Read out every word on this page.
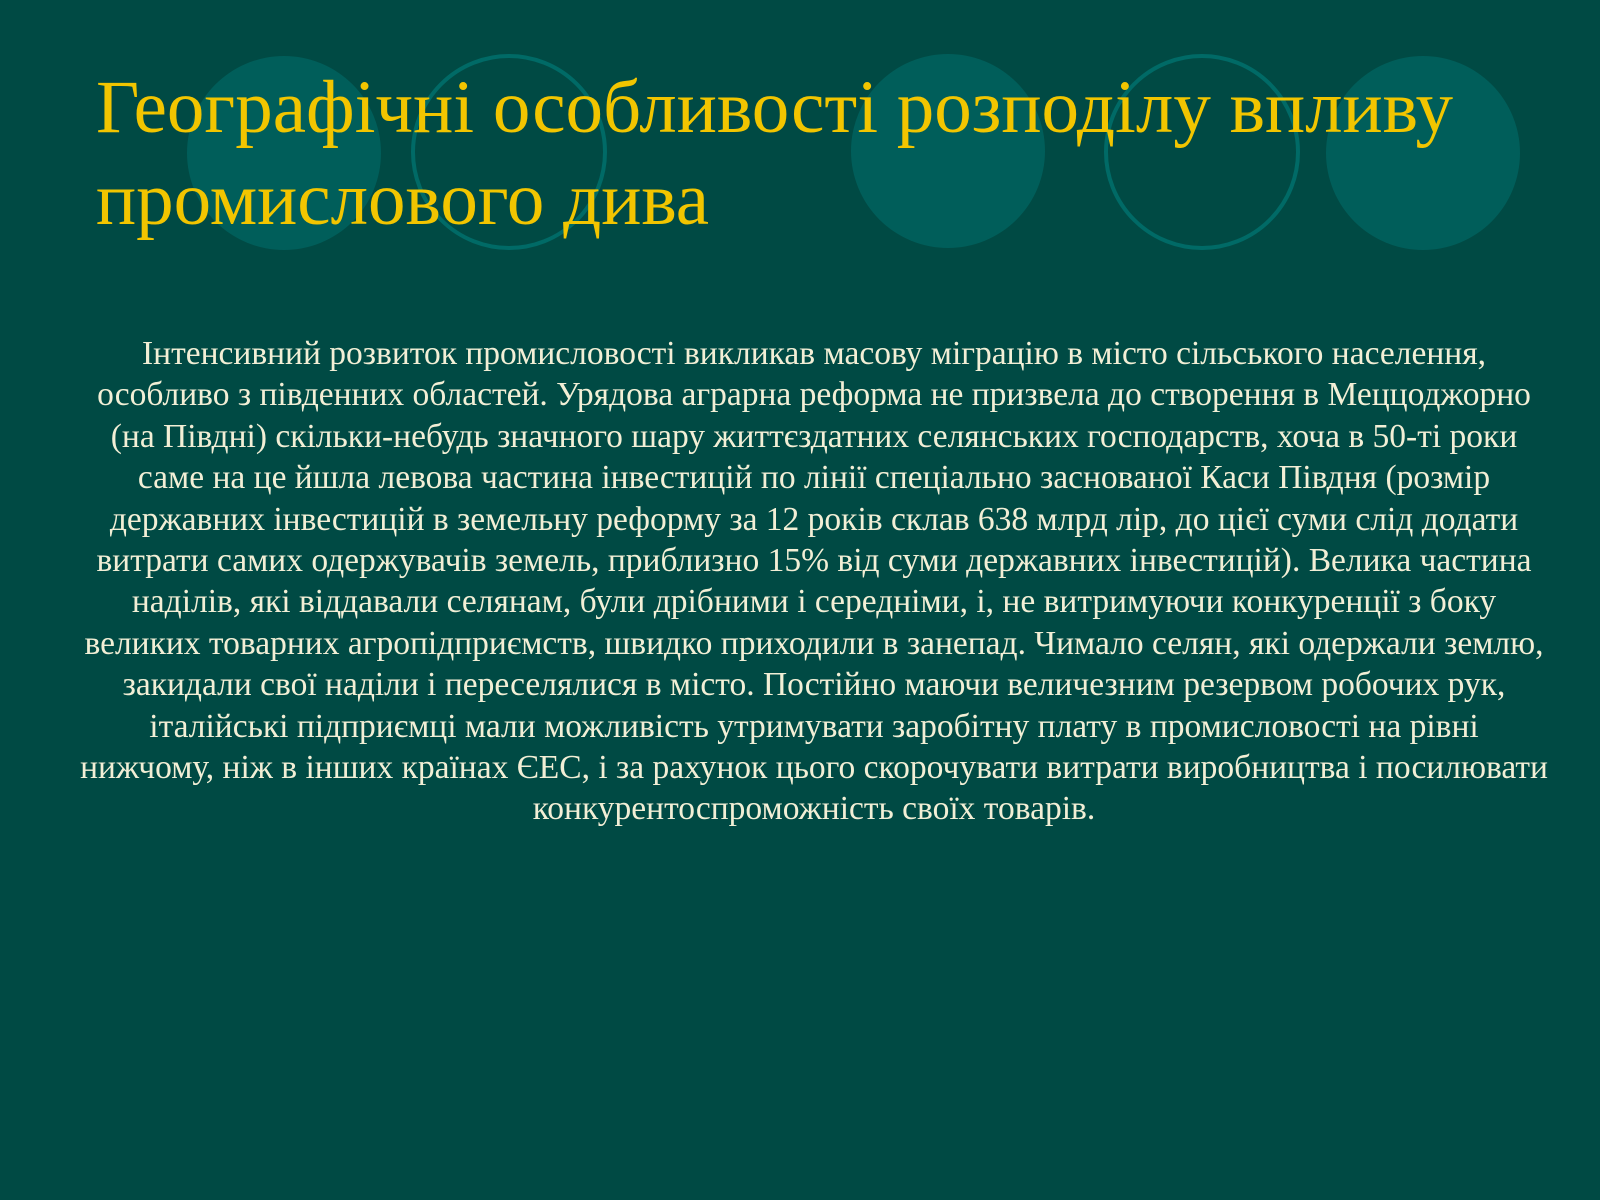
Географічні особливості розподілу впливу промислового дива

Інтенсивний розвиток промисловості викликав масову міграцію в місто сільського населення, особливо з південних областей. Урядова аграрна реформа не призвела до створення в Меццоджорно (на Півдні) скільки-небудь значного шару життєздатних селянських господарств, хоча в 50-ті роки саме на це йшла левова частина інвестицій по лінії спеціально заснованої Каси Півдня (розмір державних інвестицій в земельну реформу за 12 років склав 638 млрд лір, до цієї суми слід додати витрати самих одержувачів земель, приблизно 15% від суми державних інвестицій). Велика частина наділів, які віддавали селянам, були дрібними і середніми, і, не витримуючи конкуренції з боку великих товарних агропідприємств, швидко приходили в занепад. Чимало селян, які одержали землю, закидали свої наділи і переселялися в місто. Постійно маючи величезним резервом робочих рук, італійські підприємці мали можливість утримувати заробітну плату в промисловості на рівні нижчому, ніж в інших країнах ЄЕС, і за рахунок цього скорочувати витрати виробництва і посилювати конкурентоспроможність своїх товарів.
